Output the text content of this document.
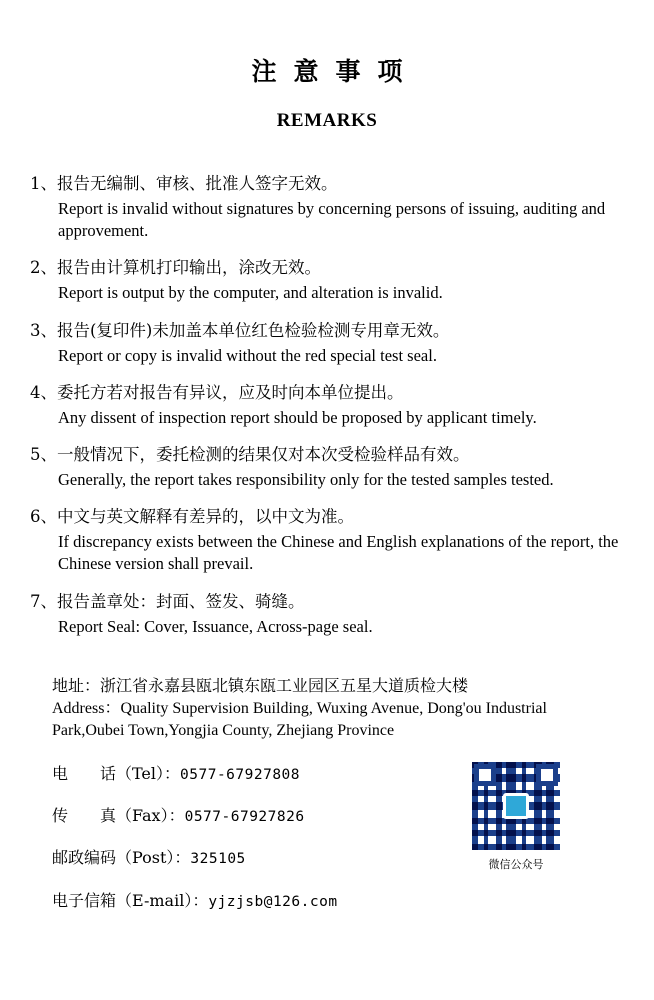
注意事项
REMARKS
1、报告无编制、审核、批准人签字无效。
Report is invalid without signatures by concerning persons of issuing, auditing and approvement.
2、报告由计算机打印输出，涂改无效。
Report is output by the computer, and alteration is invalid.
3、报告(复印件)未加盖本单位红色检验检测专用章无效。
Report or copy is invalid without the red special test seal.
4、委托方若对报告有异议，应及时向本单位提出。
Any dissent of inspection report should be proposed by applicant timely.
5、一般情况下，委托检测的结果仅对本次受检验样品有效。
Generally, the report takes responsibility only for the tested samples tested.
6、中文与英文解释有差异的，以中文为准。
If discrepancy exists between the Chinese and English explanations of the report, the Chinese version shall prevail.
7、报告盖章处：封面、签发、骑缝。
Report Seal: Cover, Issuance, Across-page seal.
地址：浙江省永嘉县瓯北镇东瓯工业园区五星大道质检大楼
Address：Quality Supervision Building, Wuxing Avenue, Dong'ou Industrial Park,Oubei Town,Yongjia County, Zhejiang Province
电　　话（Tel）：0577-67927808
传　　真（Fax）：0577-67927826
邮政编码（Post）：325105
电子信箱（E-mail）：yjzjsb@126.com
微信公众号
